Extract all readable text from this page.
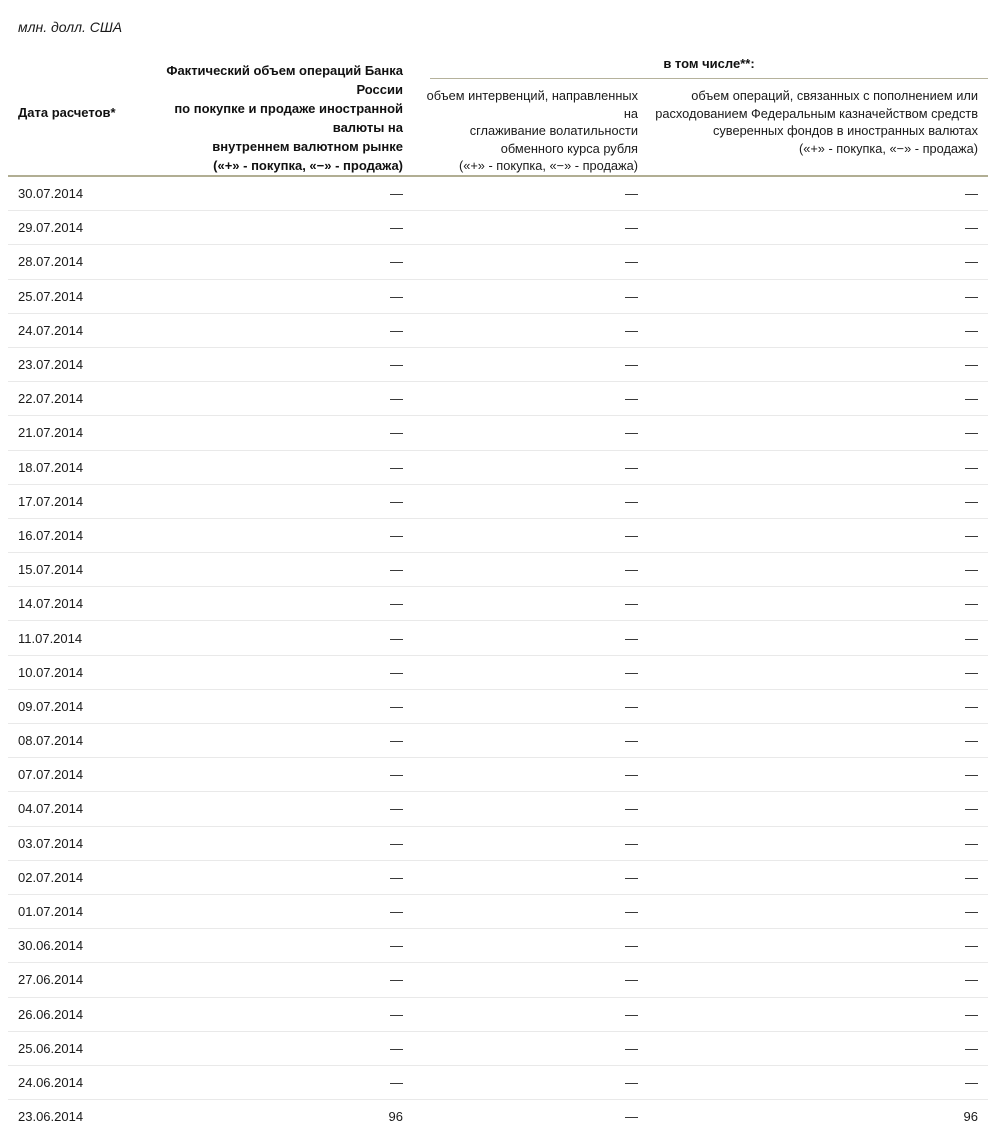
млн. долл. США
Дата расчетов*
Фактический объем операций Банка России
по покупке и продаже иностранной валюты на
внутреннем валютном рынке
(«+» - покупка, «−» - продажа)
в том числе**:
объем интервенций, направленных на
сглаживание волатильности
обменного курса рубля
(«+» - покупка, «−» - продажа)
объем операций, связанных с пополнением или
расходованием Федеральным казначейством средств
суверенных фондов в иностранных валютах
(«+» - покупка, «−» - продажа)
30.07.2014	—	—	—
29.07.2014	—	—	—
28.07.2014	—	—	—
25.07.2014	—	—	—
24.07.2014	—	—	—
23.07.2014	—	—	—
22.07.2014	—	—	—
21.07.2014	—	—	—
18.07.2014	—	—	—
17.07.2014	—	—	—
16.07.2014	—	—	—
15.07.2014	—	—	—
14.07.2014	—	—	—
11.07.2014	—	—	—
10.07.2014	—	—	—
09.07.2014	—	—	—
08.07.2014	—	—	—
07.07.2014	—	—	—
04.07.2014	—	—	—
03.07.2014	—	—	—
02.07.2014	—	—	—
01.07.2014	—	—	—
30.06.2014	—	—	—
27.06.2014	—	—	—
26.06.2014	—	—	—
25.06.2014	—	—	—
24.06.2014	—	—	—
23.06.2014	96	—	96
